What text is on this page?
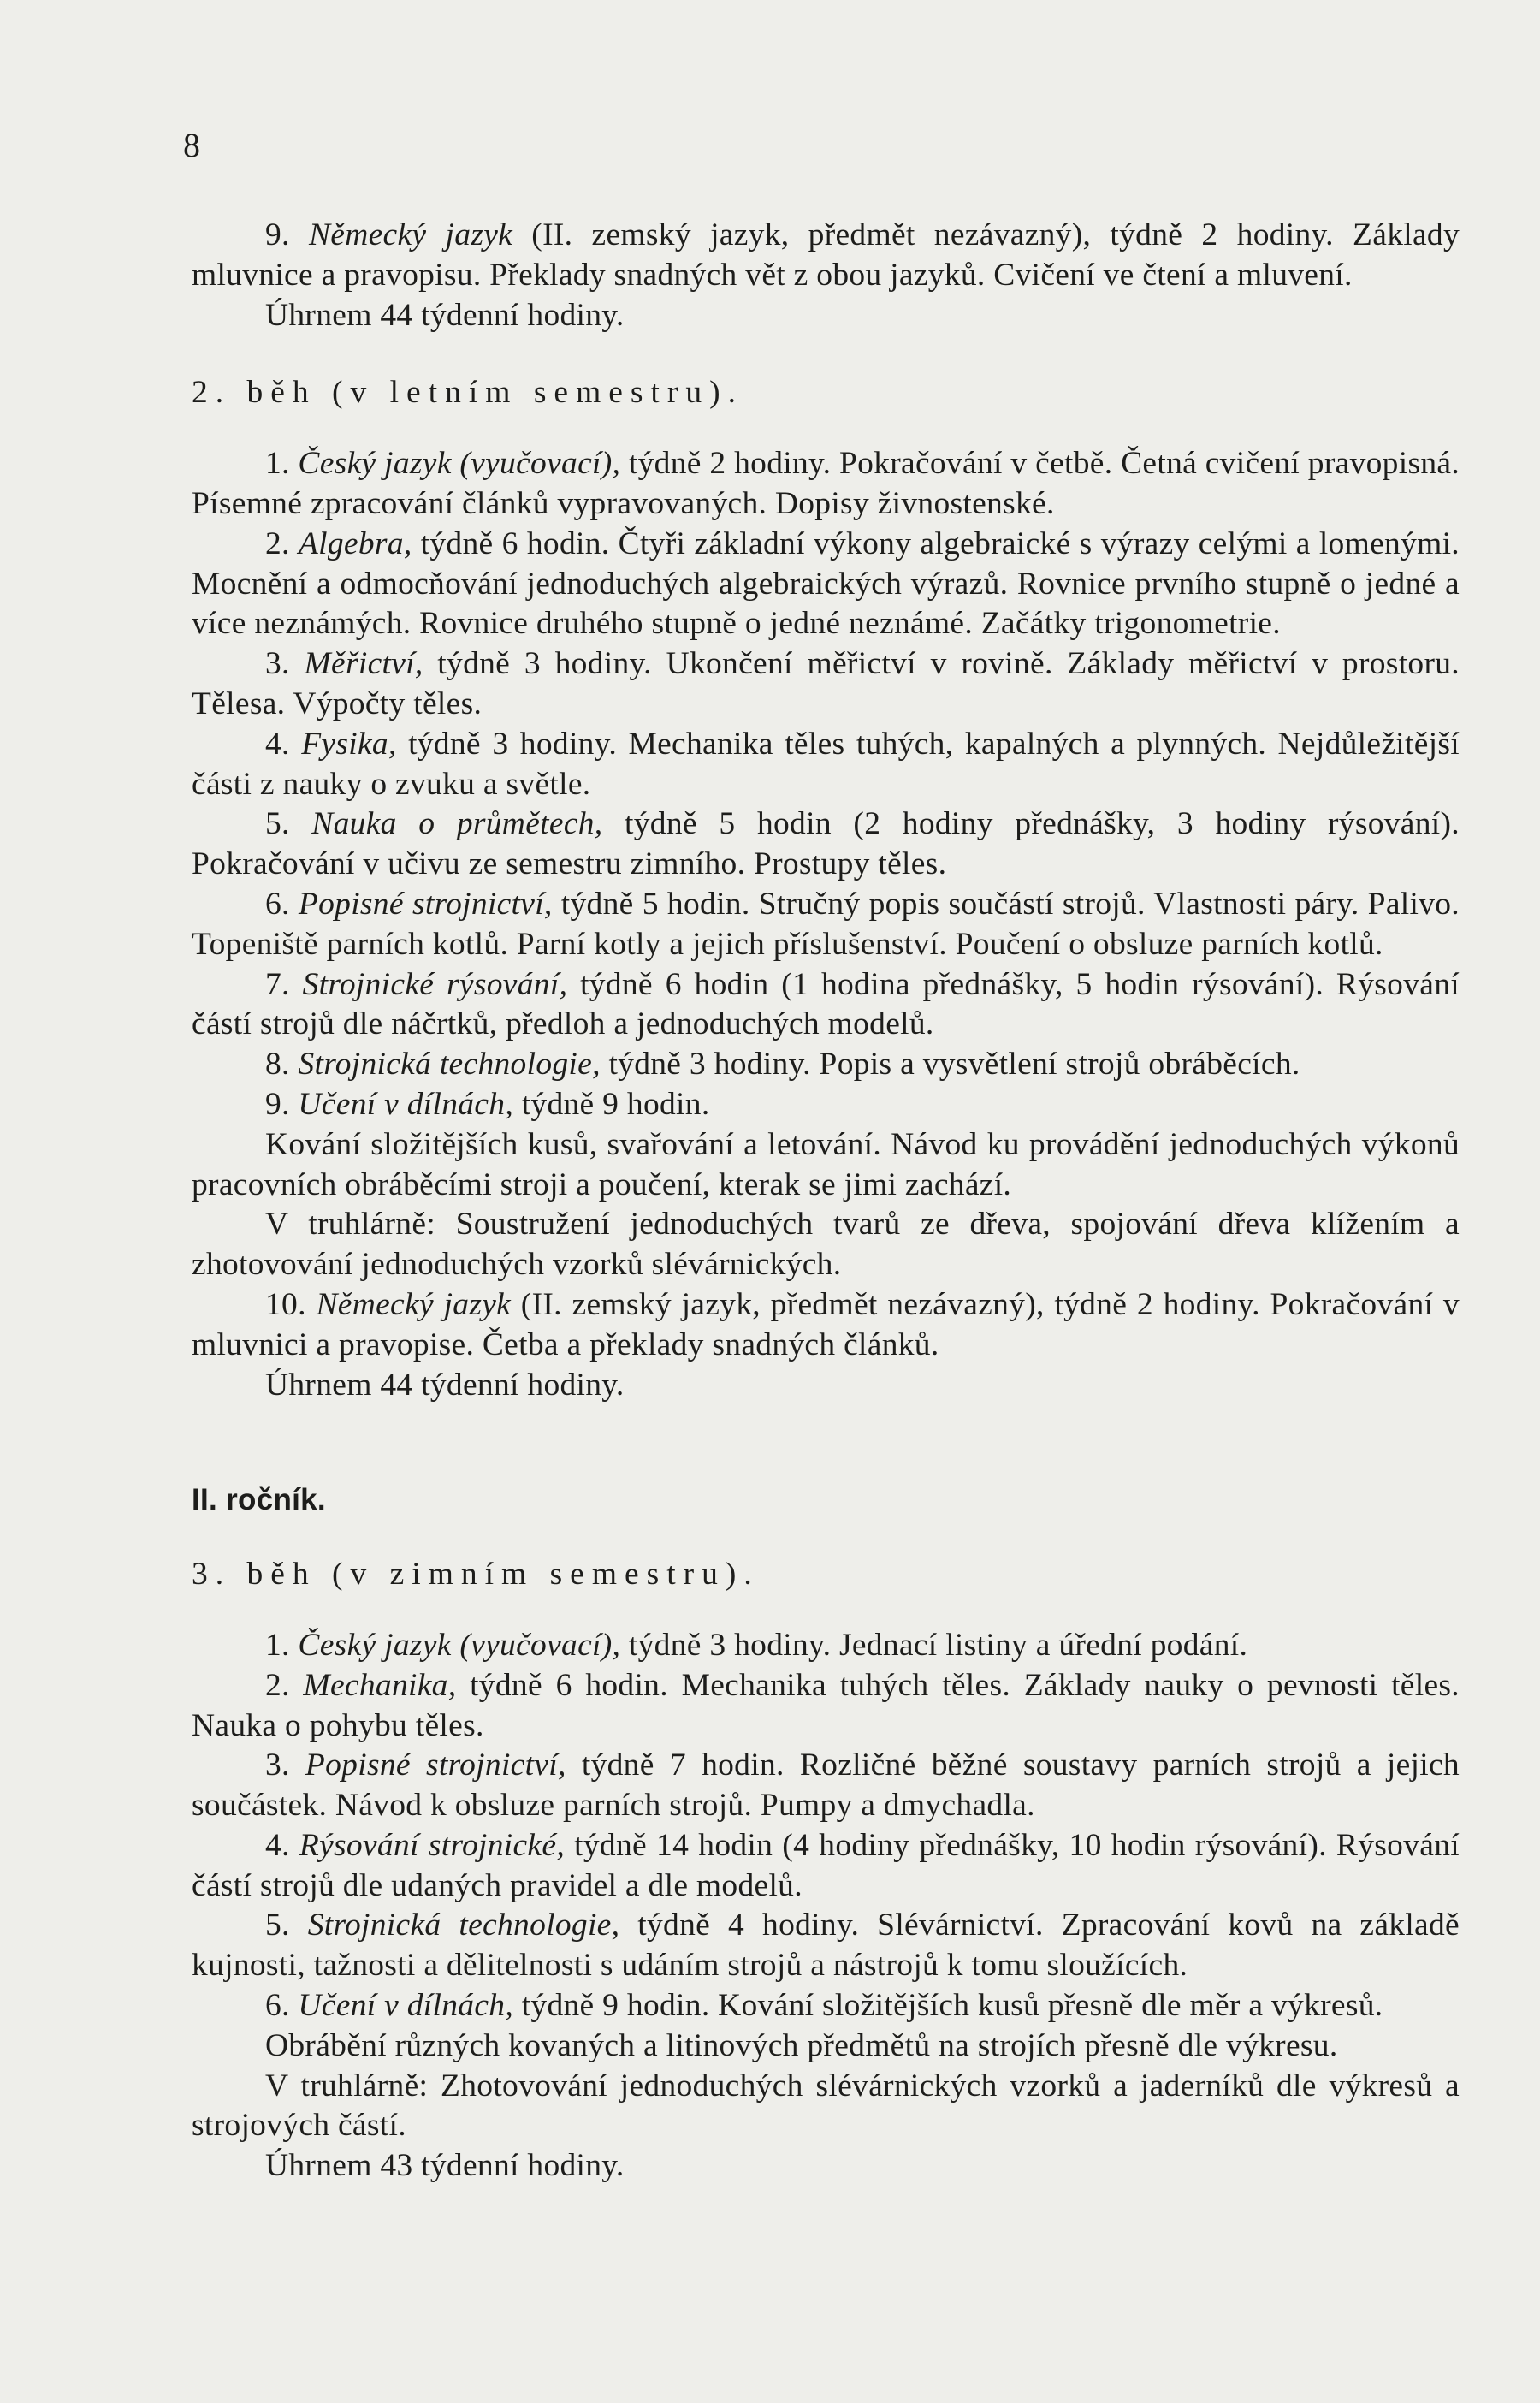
8

9. Německý jazyk (II. zemský jazyk, předmět nezávazný), týdně 2 hodiny. Základy mluvnice a pravopisu. Překlady snadných vět z obou jazyků. Cvičení ve čtení a mluvení.

Úhrnem 44 týdenní hodiny.

2. běh (v letním semestru).

1. Český jazyk (vyučovací), týdně 2 hodiny. Pokračování v četbě. Četná cvičení pravopisná. Písemné zpracování článků vypravovaných. Dopisy živnostenské.

2. Algebra, týdně 6 hodin. Čtyři základní výkony algebraické s výrazy celými a lomenými. Mocnění a odmocňování jednoduchých algebraických výrazů. Rovnice prvního stupně o jedné a více neznámých. Rovnice druhého stupně o jedné neznámé. Začátky trigonometrie.

3. Měřictví, týdně 3 hodiny. Ukončení měřictví v rovině. Základy měřictví v prostoru. Tělesa. Výpočty těles.

4. Fysika, týdně 3 hodiny. Mechanika těles tuhých, kapalných a plynných. Nejdůležitější části z nauky o zvuku a světle.

5. Nauka o průmětech, týdně 5 hodin (2 hodiny přednášky, 3 hodiny rýsování). Pokračování v učivu ze semestru zimního. Prostupy těles.

6. Popisné strojnictví, týdně 5 hodin. Stručný popis součástí strojů. Vlastnosti páry. Palivo. Topeniště parních kotlů. Parní kotly a jejich příslušenství. Poučení o obsluze parních kotlů.

7. Strojnické rýsování, týdně 6 hodin (1 hodina přednášky, 5 hodin rýsování). Rýsování částí strojů dle náčrtků, předloh a jednoduchých modelů.

8. Strojnická technologie, týdně 3 hodiny. Popis a vysvětlení strojů obráběcích.

9. Učení v dílnách, týdně 9 hodin.

Kování složitějších kusů, svařování a letování. Návod ku provádění jednoduchých výkonů pracovních obráběcími stroji a poučení, kterak se jimi zachází.

V truhlárně: Soustružení jednoduchých tvarů ze dřeva, spojování dřeva klížením a zhotovování jednoduchých vzorků slévárnických.

10. Německý jazyk (II. zemský jazyk, předmět nezávazný), týdně 2 hodiny. Pokračování v mluvnici a pravopise. Četba a překlady snadných článků.

Úhrnem 44 týdenní hodiny.

II. ročník.

3. běh (v zimním semestru).

1. Český jazyk (vyučovací), týdně 3 hodiny. Jednací listiny a úřední podání.

2. Mechanika, týdně 6 hodin. Mechanika tuhých těles. Základy nauky o pevnosti těles. Nauka o pohybu těles.

3. Popisné strojnictví, týdně 7 hodin. Rozličné běžné soustavy parních strojů a jejich součástek. Návod k obsluze parních strojů. Pumpy a dmychadla.

4. Rýsování strojnické, týdně 14 hodin (4 hodiny přednášky, 10 hodin rýsování). Rýsování částí strojů dle udaných pravidel a dle modelů.

5. Strojnická technologie, týdně 4 hodiny. Slévárnictví. Zpracování kovů na základě kujnosti, tažnosti a dělitelnosti s udáním strojů a nástrojů k tomu sloužících.

6. Učení v dílnách, týdně 9 hodin. Kování složitějších kusů přesně dle měr a výkresů.

Obrábění různých kovaných a litinových předmětů na strojích přesně dle výkresu.

V truhlárně: Zhotovování jednoduchých slévárnických vzorků a jaderníků dle výkresů a strojových částí.

Úhrnem 43 týdenní hodiny.
